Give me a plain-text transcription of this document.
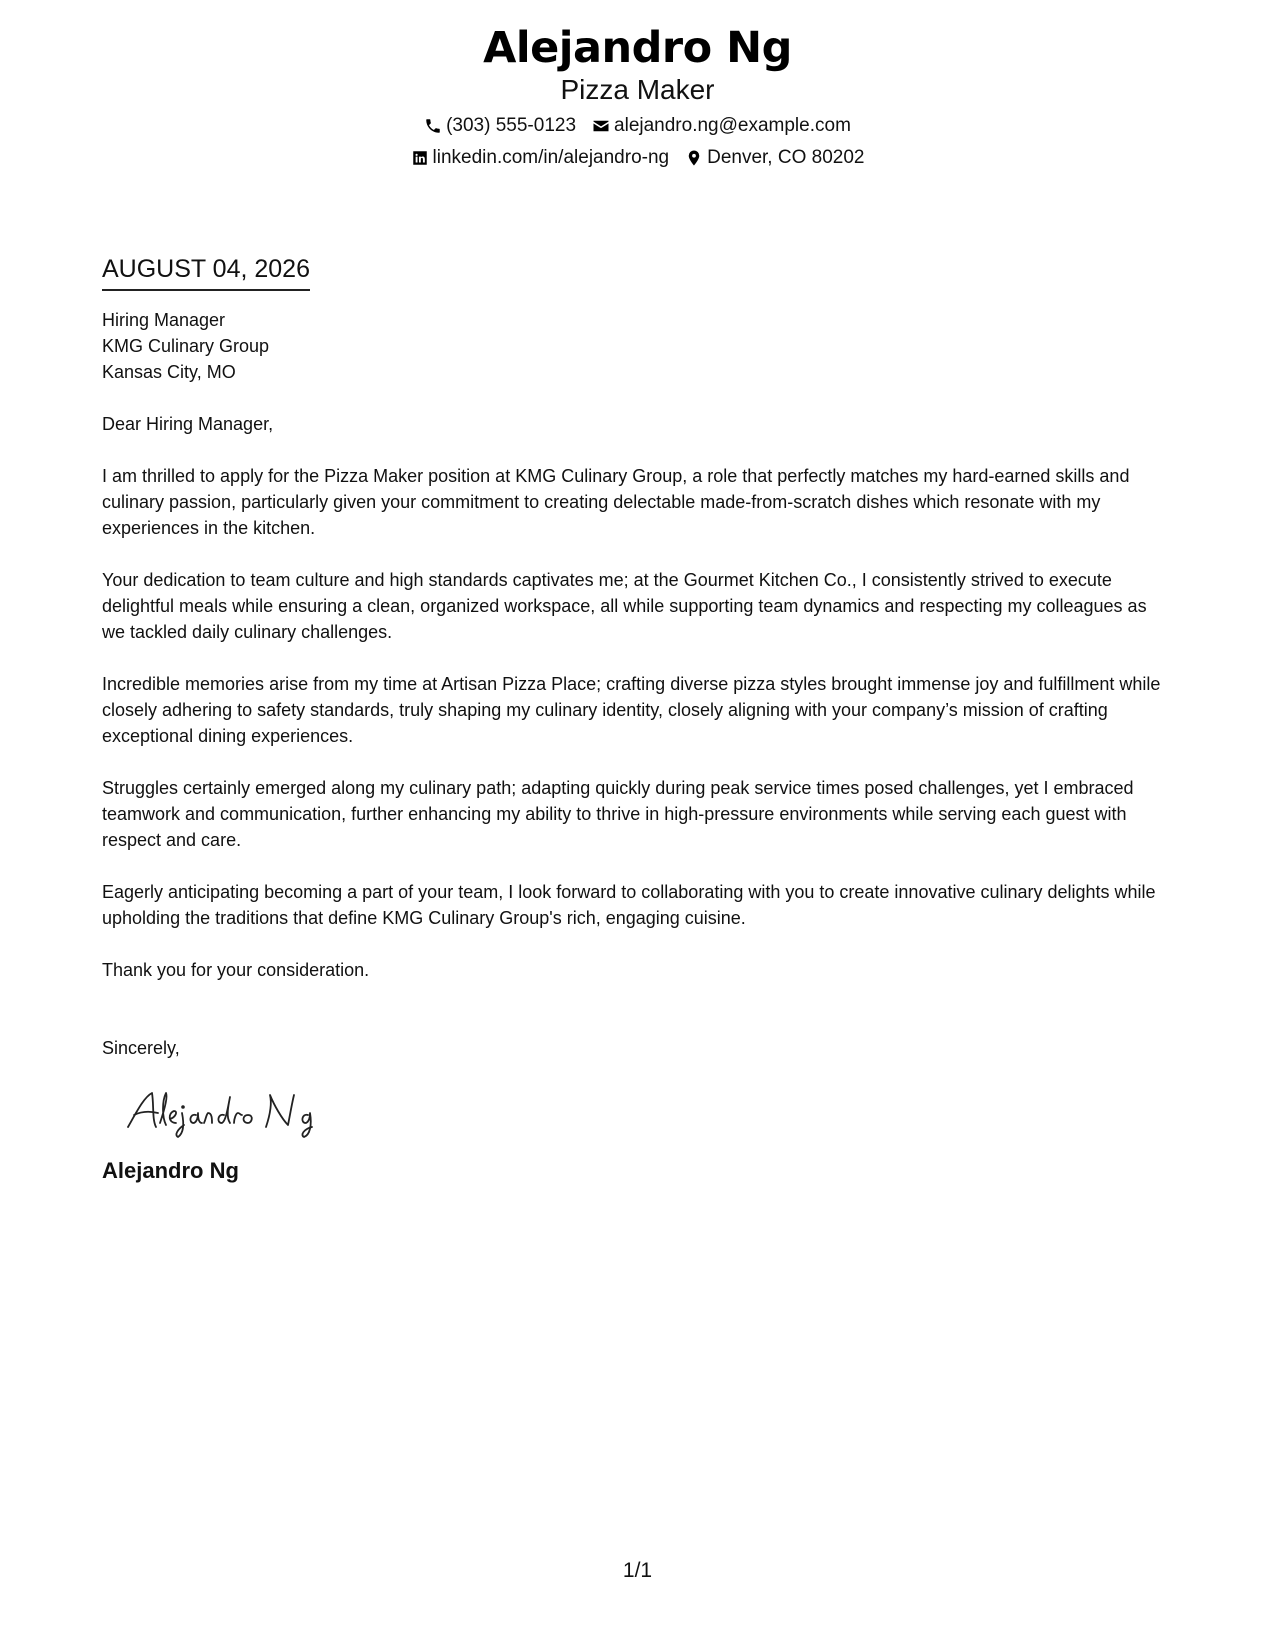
Alejandro Ng
Pizza Maker
(303) 555-0123 alejandro.ng@example.com
linkedin.com/in/alejandro-ng Denver, CO 80202
AUGUST 04, 2026
Hiring Manager
KMG Culinary Group
Kansas City, MO
Dear Hiring Manager,
I am thrilled to apply for the Pizza Maker position at KMG Culinary Group, a role that perfectly matches my hard-earned skills and culinary passion, particularly given your commitment to creating delectable made-from-scratch dishes which resonate with my experiences in the kitchen.
Your dedication to team culture and high standards captivates me; at the Gourmet Kitchen Co., I consistently strived to execute delightful meals while ensuring a clean, organized workspace, all while supporting team dynamics and respecting my colleagues as we tackled daily culinary challenges.
Incredible memories arise from my time at Artisan Pizza Place; crafting diverse pizza styles brought immense joy and fulfillment while closely adhering to safety standards, truly shaping my culinary identity, closely aligning with your company’s mission of crafting exceptional dining experiences.
Struggles certainly emerged along my culinary path; adapting quickly during peak service times posed challenges, yet I embraced teamwork and communication, further enhancing my ability to thrive in high-pressure environments while serving each guest with respect and care.
Eagerly anticipating becoming a part of your team, I look forward to collaborating with you to create innovative culinary delights while upholding the traditions that define KMG Culinary Group's rich, engaging cuisine.
Thank you for your consideration.
Sincerely,
Alejandro Ng
1/1
